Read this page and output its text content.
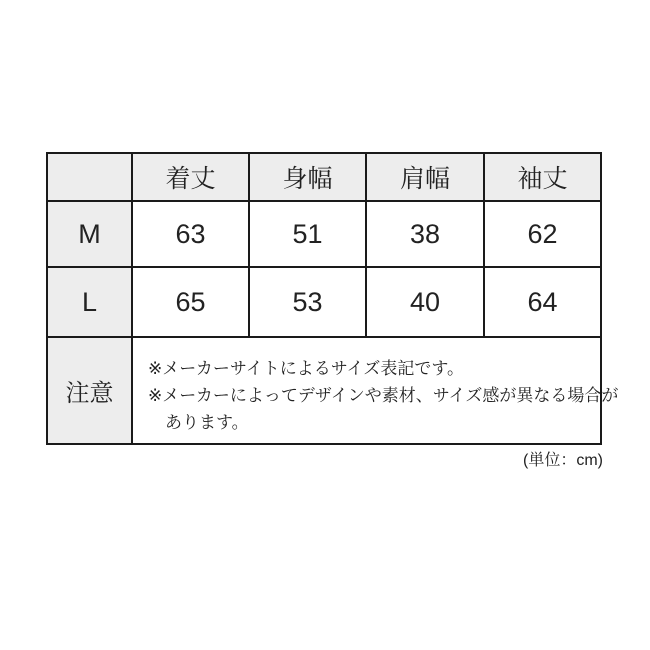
	着丈	身幅	肩幅	袖丈
M	63	51	38	62
L	65	53	40	64
注意	※メーカーサイトによるサイズ表記です。
※メーカーによってデザインや素材、サイズ感が異なる場合が
あります。			
(単位：cm)
